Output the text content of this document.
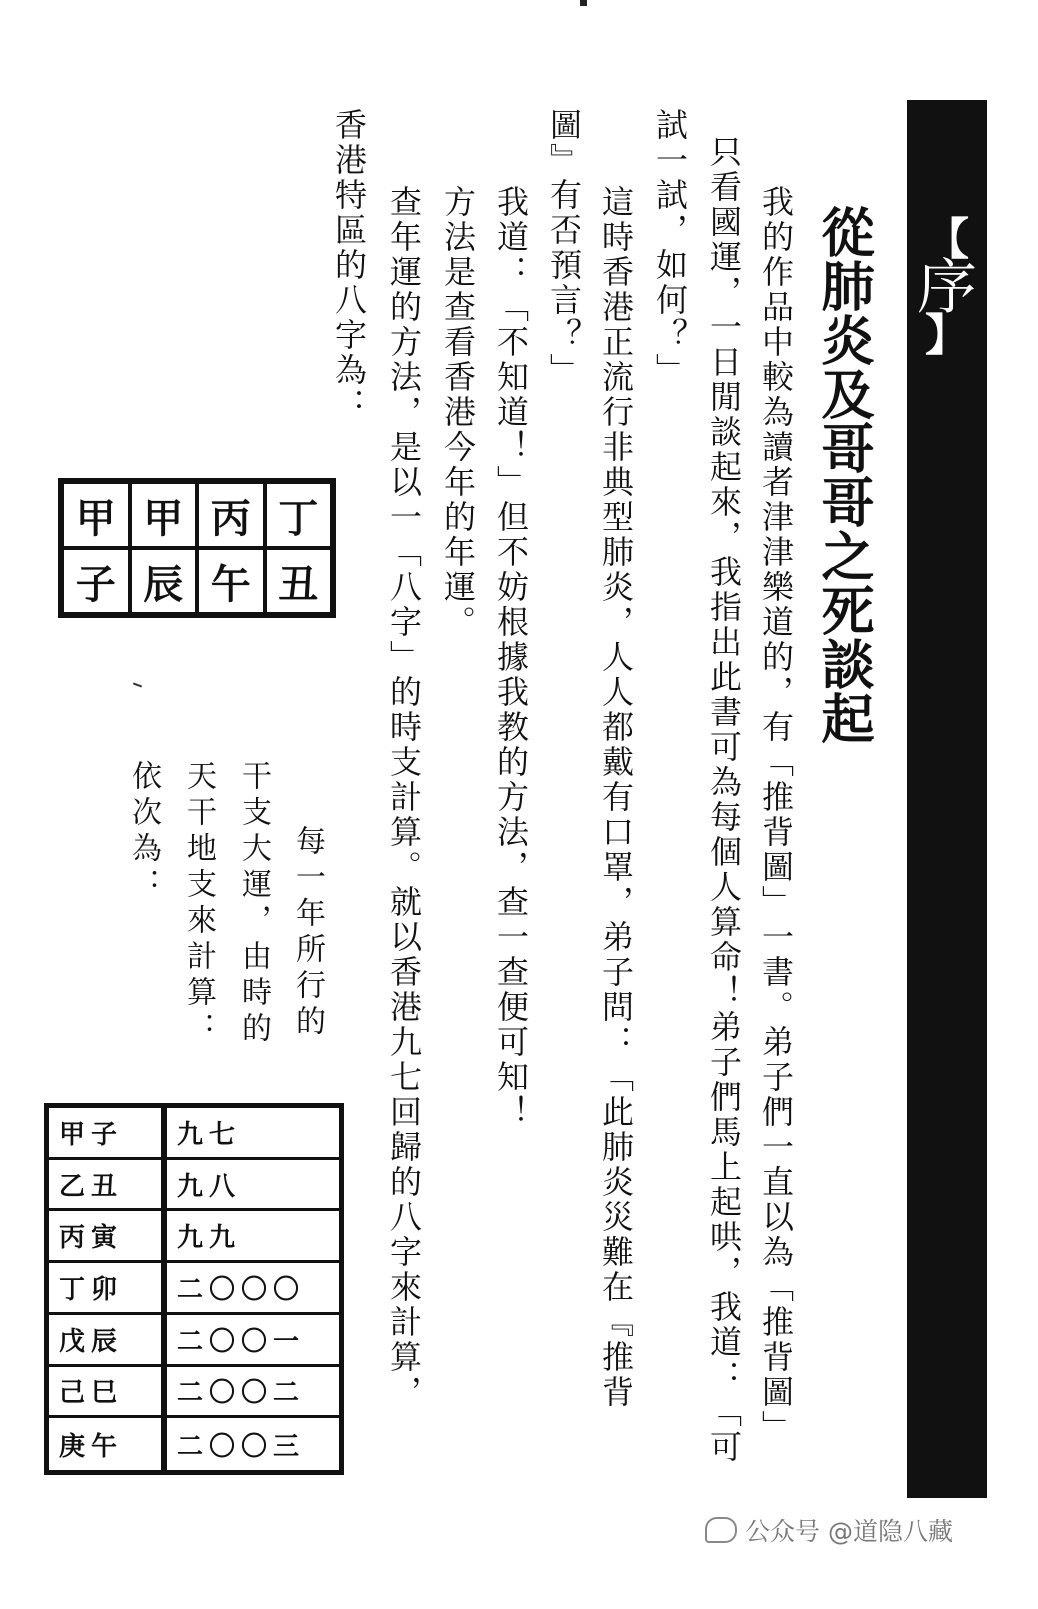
【
序
】
從肺炎及哥哥之死談起
我的作品中較為讀者津津樂道的，有「推背圖」一書。弟子們一直以為「推背圖」
只看國運，一日閒談起來，我指出此書可為每個人算命！弟子們馬上起哄，我道：「可
試一試，如何？」
這時香港正流行非典型肺炎，人人都戴有口罩，弟子問：「此肺炎災難在『推背
圖』有否預言？」
我道：「不知道！」但不妨根據我教的方法，查一查便可知！
方法是查看香港今年的年運。
查年運的方法，是以一「八字」的時支計算。就以香港九七回歸的八字來計算，
香港特區的八字為：
甲 甲 丙 丁
子 辰 午 丑
每一年所行的
干支大運，由時的
天干地支來計算：
依次為：
甲子	九七
乙丑	九八
丙寅	九九
丁卯	二〇〇〇
戊辰	二〇〇一
己巳	二〇〇二
庚午	二〇〇三
公众号 @道隐八藏
